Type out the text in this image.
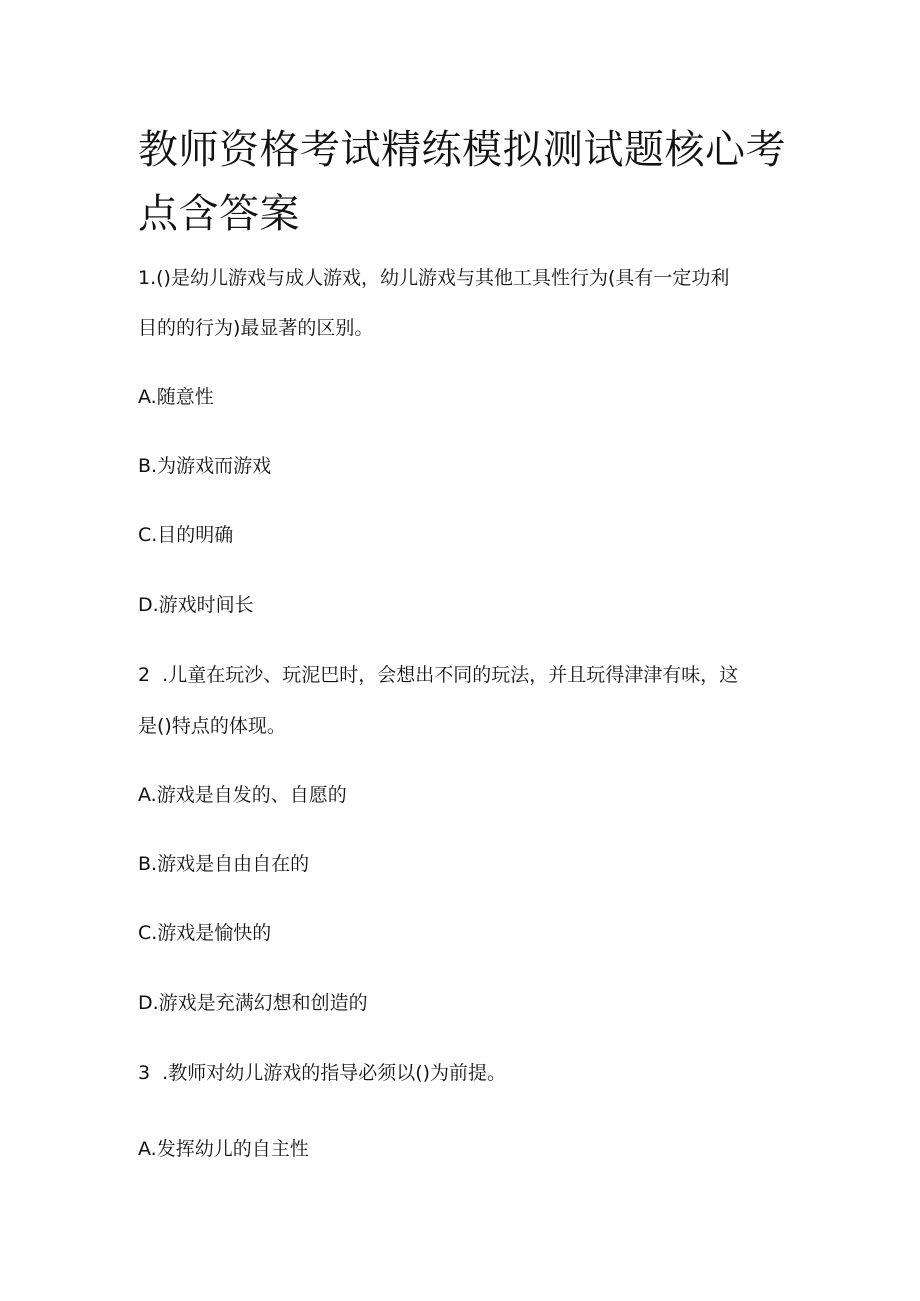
教师资格考试精练模拟测试题核心考点含答案

1.()是幼儿游戏与成人游戏，幼儿游戏与其他工具性行为(具有一定功利

目的的行为)最显著的区别。

A.随意性

B.为游戏而游戏

C.目的明确

D.游戏时间长

2  .儿童在玩沙、玩泥巴时，会想出不同的玩法，并且玩得津津有味，这

是()特点的体现。

A.游戏是自发的、自愿的

B.游戏是自由自在的

C.游戏是愉快的

D.游戏是充满幻想和创造的

3  .教师对幼儿游戏的指导必须以()为前提。

A.发挥幼儿的自主性
